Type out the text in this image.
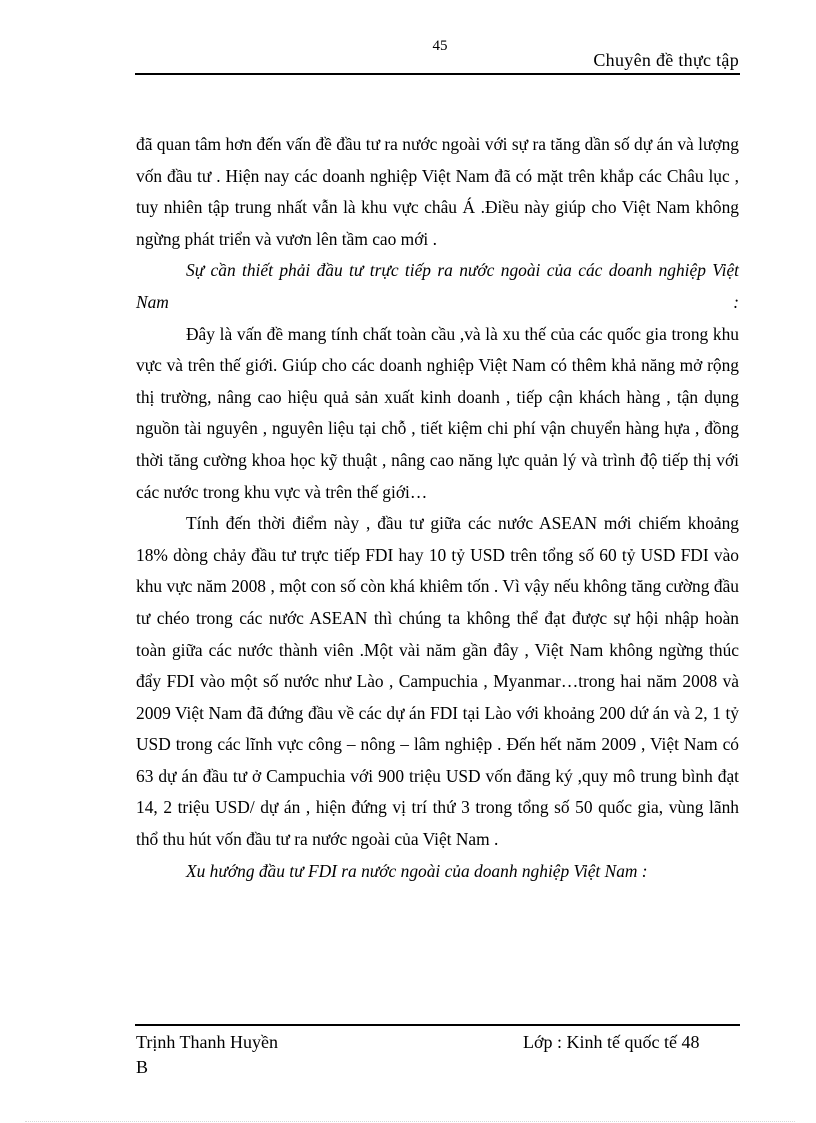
45
Chuyên đề thực tập

đã quan tâm hơn đến vấn đề đầu tư ra nước ngoài với sự ra tăng dần số dự án và lượng vốn đầu tư . Hiện nay các doanh nghiệp Việt Nam đã có mặt trên khắp các Châu lục , tuy nhiên tập trung nhất vẫn là khu vực châu Á .Điều này giúp cho Việt Nam không ngừng phát triển và vươn lên tầm cao mới .

Sự cần thiết phải đầu tư trực tiếp ra nước ngoài của các doanh nghiệp Việt Nam :

Đây là vấn đề mang tính chất toàn cầu ,và là xu thế của các quốc gia trong khu vực và trên thế giới. Giúp cho các doanh nghiệp Việt Nam có thêm khả năng mở rộng thị trường, nâng cao hiệu quả sản xuất kinh doanh , tiếp cận khách hàng , tận dụng nguồn tài nguyên , nguyên liệu tại chỗ , tiết kiệm chi phí vận chuyển hàng hựa , đồng thời tăng cường khoa học kỹ thuật , nâng cao năng lực quản lý và trình độ tiếp thị với các nước trong khu vực và trên thế giới…

Tính đến thời điểm này , đầu tư giữa các nước ASEAN mới chiếm khoảng 18% dòng chảy đầu tư trực tiếp FDI hay 10 tỷ USD trên tổng số 60 tỷ USD FDI vào khu vực năm 2008 , một con số còn khá khiêm tốn . Vì vậy nếu không tăng cường đầu tư chéo trong các nước ASEAN thì chúng ta không thể đạt được sự hội nhập hoàn toàn giữa các nước thành viên .Một vài năm gần đây , Việt Nam không ngừng thúc đẩy FDI vào một số nước như Lào , Campuchia , Myanmar…trong hai năm 2008 và 2009 Việt Nam đã đứng đầu về các dự án FDI tại Lào với khoảng 200 dứ án và 2, 1 tỷ USD trong các lĩnh vực công – nông – lâm nghiệp . Đến hết năm 2009 , Việt Nam có 63 dự án đầu tư ở Campuchia với 900 triệu USD vốn đăng ký ,quy mô trung bình đạt 14, 2 triệu USD/ dự án , hiện đứng vị trí thứ 3 trong tổng số 50 quốc gia, vùng lãnh thổ thu hút vốn đầu tư ra nước ngoài của Việt Nam .

Xu hướng đầu tư FDI ra nước ngoài của doanh nghiệp Việt Nam :

Trịnh Thanh Huyền
B
Lớp : Kinh tế quốc tế 48
